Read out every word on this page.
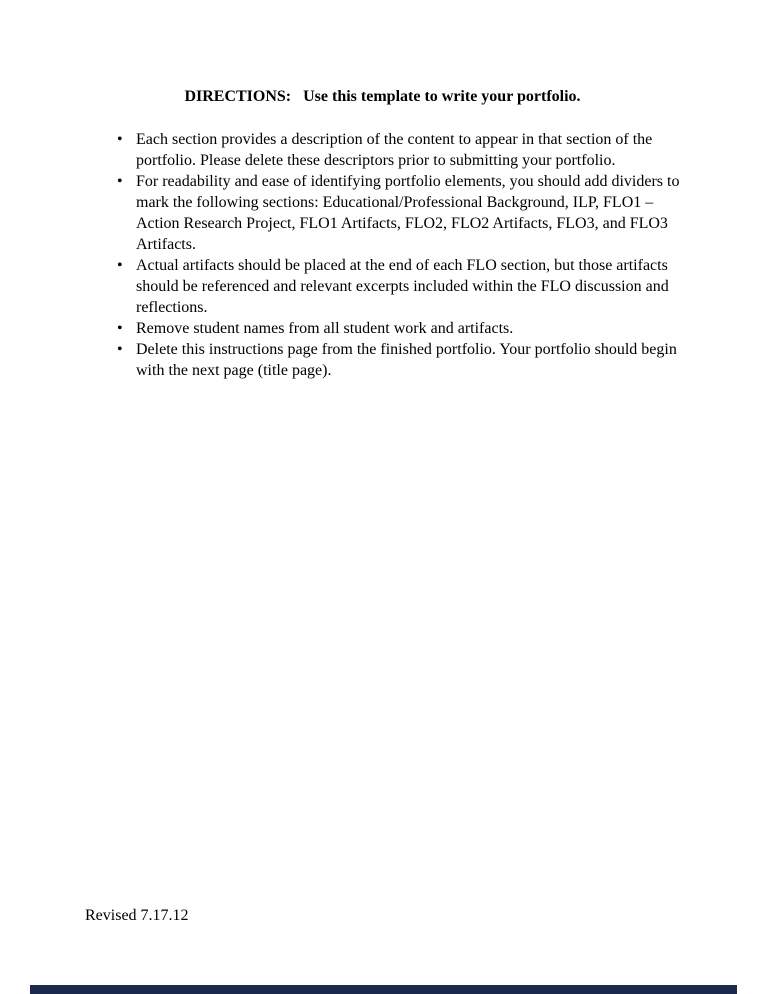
DIRECTIONS:   Use this template to write your portfolio.
• Each section provides a description of the content to appear in that section of the portfolio. Please delete these descriptors prior to submitting your portfolio.
• For readability and ease of identifying portfolio elements, you should add dividers to mark the following sections: Educational/Professional Background, ILP, FLO1 – Action Research Project, FLO1 Artifacts, FLO2, FLO2 Artifacts, FLO3, and FLO3 Artifacts.
• Actual artifacts should be placed at the end of each FLO section, but those artifacts should be referenced and relevant excerpts included within the FLO discussion and reflections.
• Remove student names from all student work and artifacts.
• Delete this instructions page from the finished portfolio. Your portfolio should begin with the next page (title page).
Revised 7.17.12
